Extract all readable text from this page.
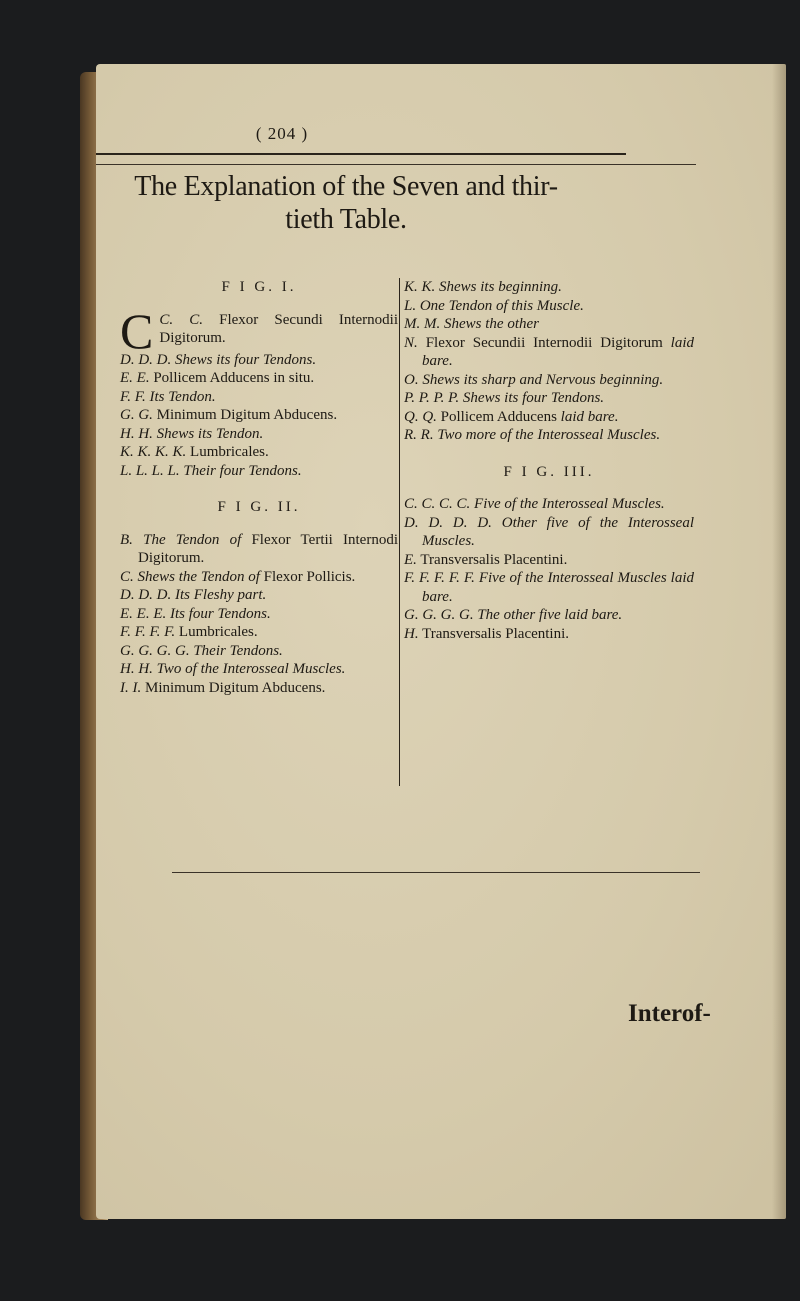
( 204 )
The Explanation of the Seven and thir-
tieth Table.
F I G. I.
C C. C. Flexor Secundi Internodii Digitorum.
D. D. D. Shews its four Tendons.
E. E. Pollicem Adducens in situ.
F. F. Its Tendon.
G. G. Minimum Digitum Abducens.
H. H. Shews its Tendon.
K. K. K. K. Lumbricales.
L. L. L. L. Their four Tendons.
F I G. II.
B. The Tendon of Flexor Tertii Internodi Digitorum.
C. Shews the Tendon of Flexor Pollicis.
D. D. D. Its Fleshy part.
E. E. E. Its four Tendons.
F. F. F. F. Lumbricales.
G. G. G. G. Their Tendons.
H. H. Two of the Interosseal Muscles.
I. I. Minimum Digitum Abducens.
K. K. Shews its beginning.
L. One Tendon of this Muscle.
M. M. Shews the other
N. Flexor Secundii Internodii Digitorum laid bare.
O. Shews its sharp and Nervous beginning.
P. P. P. P. Shews its four Tendons.
Q. Q. Pollicem Adducens laid bare.
R. R. Two more of the Interosseal Muscles.
F I G. III.
C. C. C. C. Five of the Interosseal Muscles.
D. D. D. D. Other five of the Interosseal Muscles.
E. Transversalis Placentini.
F. F. F. F. F. Five of the Interosseal Muscles laid bare.
G. G. G. G. The other five laid bare.
H. Transversalis Placentini.
Interof-
